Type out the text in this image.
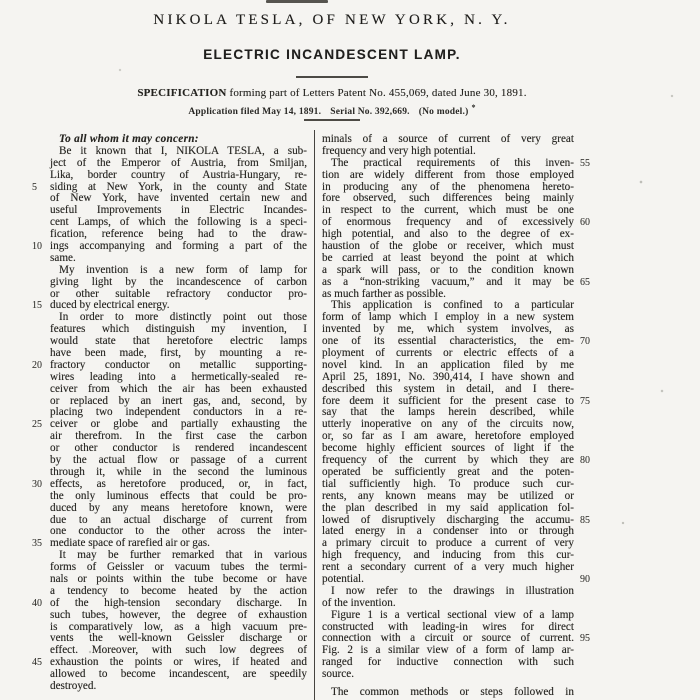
NIKOLA TESLA, OF NEW YORK, N. Y.
ELECTRIC INCANDESCENT LAMP.
SPECIFICATION forming part of Letters Patent No. 455,069, dated June 30, 1891.
Application filed May 14, 1891. Serial No. 392,669. (No model.) *
To all whom it may concern:
Be it known that I, NIKOLA TESLA, a sub-
ject of the Emperor of Austria, from Smiljan,
Lika, border country of Austria-Hungary, re-
5	siding at New York, in the county and State
of New York, have invented certain new and
useful Improvements in Electric Incandes-
cent Lamps, of which the following is a speci-
fication, reference being had to the draw-
10 ings accompanying and forming a part of the
same.
My invention is a new form of lamp for
giving light by the incandescence of carbon
or other suitable refractory conductor pro-
15 duced by electrical energy.
In order to more distinctly point out those
features which distinguish my invention, I
would state that heretofore electric lamps
have been made, first, by mounting a re-
20 fractory conductor on metallic supporting-
wires leading into a hermetically-sealed re-
ceiver from which the air has been exhausted
or replaced by an inert gas, and, second, by
placing two independent conductors in a re-
25 ceiver or globe and partially exhausting the
air therefrom. In the first case the carbon
or other conductor is rendered incandescent
by the actual flow or passage of a current
through it, while in the second the luminous
30 effects, as heretofore produced, or, in fact,
the only luminous effects that could be pro-
duced by any means heretofore known, were
due to an actual discharge of current from
one conductor to the other across the inter-
35 mediate space of rarefied air or gas.
It may be further remarked that in various
forms of Geissler or vacuum tubes the termi-
nals or points within the tube become or have
a tendency to become heated by the action
40 of the high-tension secondary discharge. In
such tubes, however, the degree of exhaustion
is comparatively low, as a high vacuum pre-
vents the well-known Geissler discharge or
effect. Moreover, with such low degrees of
45 exhaustion the points or wires, if heated and
allowed to become incandescent, are speedily
destroyed.
minals of a source of current of very great
frequency and very high potential.
55
The practical requirements of this inven-
tion are widely different from those employed
in producing any of the phenomena hereto-
fore observed, such differences being mainly
in respect to the current, which must be one
60
of enormous frequency and of excessively
high potential, and also to the degree of ex-
haustion of the globe or receiver, which must
be carried at least beyond the point at which
a spark will pass, or to the condition known
65
as a “non-striking vacuum,” and it may be
as much farther as possible.
This application is confined to a particular
form of lamp which I employ in a new system
invented by me, which system involves, as
70
one of its essential characteristics, the em-
ployment of currents or electric effects of a
novel kind. In an application filed by me
April 25, 1891, No. 390,414, I have shown and
described this system in detail, and I there-
75
fore deem it sufficient for the present case to
say that the lamps herein described, while
utterly inoperative on any of the circuits now,
or, so far as I am aware, heretofore employed
become highly efficient sources of light if the
80
frequency of the current by which they are
operated be sufficiently great and the poten-
tial sufficiently high. To produce such cur-
rents, any known means may be utilized or
the plan described in my said application fol-
85
lowed of disruptively discharging the accumu-
lated energy in a condenser into or through
a primary circuit to produce a current of very
high frequency, and inducing from this cur-
rent a secondary current of a very much higher
90
potential.
I now refer to the drawings in illustration
of the invention.
Figure 1 is a vertical sectional view of a lamp
constructed with leading-in wires for direct
95
connection with a circuit or source of current.
Fig. 2 is a similar view of a form of lamp ar-
ranged for inductive connection with such
source.
The common methods or steps followed in
